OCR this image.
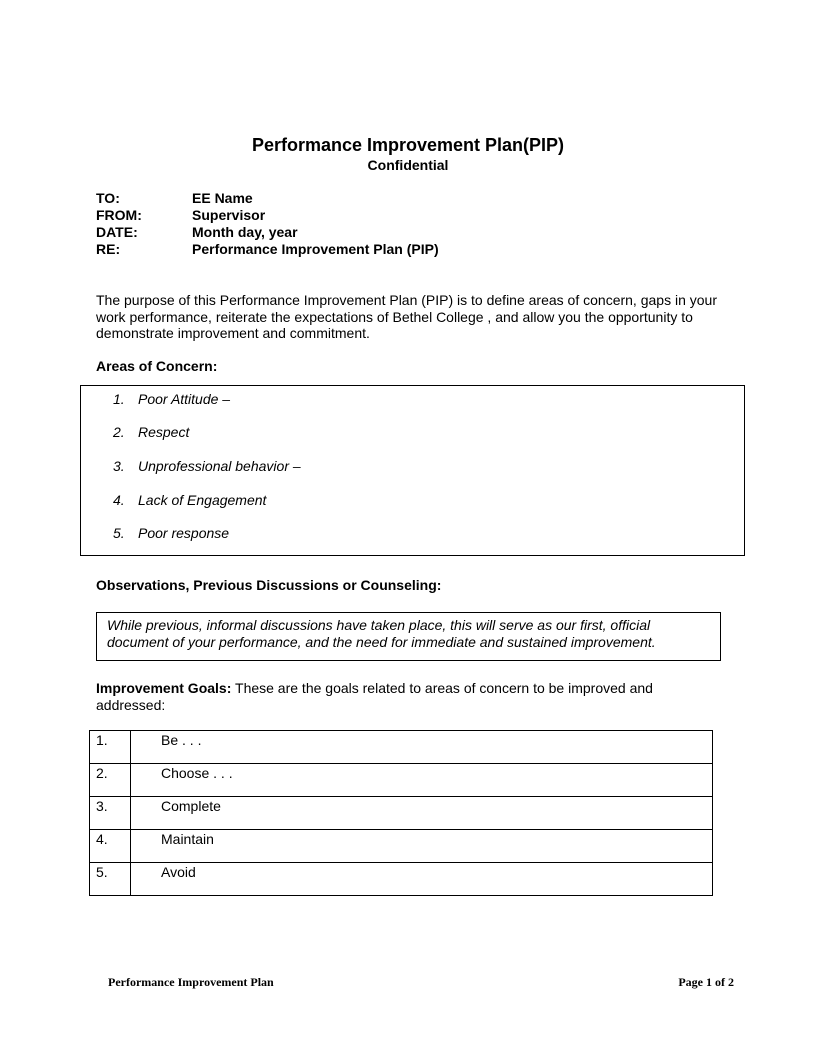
Performance Improvement Plan(PIP)
Confidential
TO:	EE Name
FROM:	Supervisor
DATE:	Month day, year
RE:	Performance Improvement Plan (PIP)
The purpose of this Performance Improvement Plan (PIP) is to define areas of concern, gaps in your work performance, reiterate the expectations of Bethel College , and allow you the opportunity to demonstrate improvement and commitment.
Areas of Concern:
1. Poor Attitude –
2. Respect
3. Unprofessional behavior –
4. Lack of Engagement
5. Poor response
Observations, Previous Discussions or Counseling:
While previous, informal discussions have taken place, this will serve as our first, official document of your performance, and the need for immediate and sustained improvement.
Improvement Goals: These are the goals related to areas of concern to be improved and addressed:
1.	Be . . .
2.	Choose . . .
3.	Complete
4.	Maintain
5.	Avoid
Performance Improvement Plan	Page 1 of 2
